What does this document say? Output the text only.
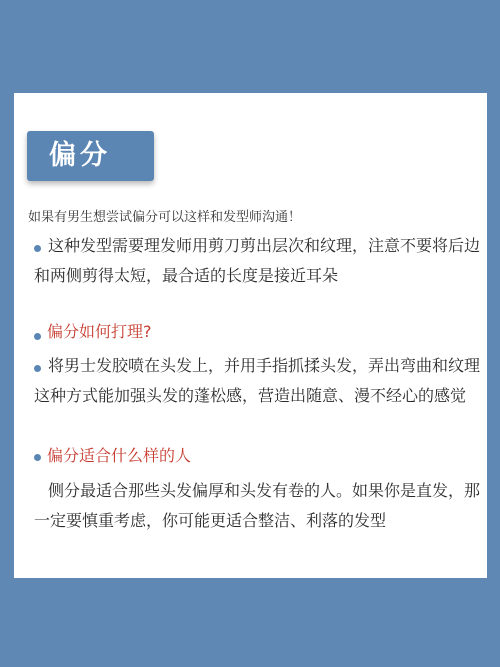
偏分
如果有男生想尝试偏分可以这样和发型师沟通！

这种发型需要理发师用剪刀剪出层次和纹理，注意不要将后边和两侧剪得太短，最合适的长度是接近耳朵

偏分如何打理?

将男士发胶喷在头发上，并用手指抓揉头发，弄出弯曲和纹理这种方式能加强头发的蓬松感，营造出随意、漫不经心的感觉

偏分适合什么样的人

侧分最适合那些头发偏厚和头发有卷的人。如果你是直发，那一定要慎重考虑，你可能更适合整洁、利落的发型
